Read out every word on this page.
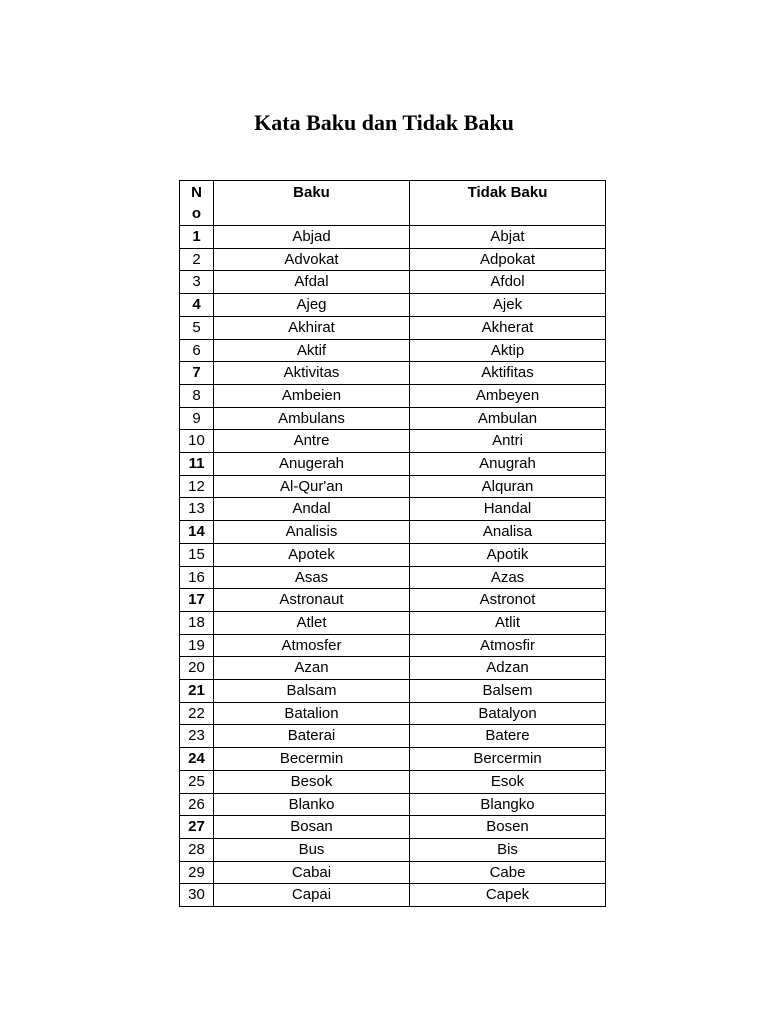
Kata Baku dan Tidak Baku
No	Baku	Tidak Baku
1	Abjad	Abjat
2	Advokat	Adpokat
3	Afdal	Afdol
4	Ajeg	Ajek
5	Akhirat	Akherat
6	Aktif	Aktip
7	Aktivitas	Aktifitas
8	Ambeien	Ambeyen
9	Ambulans	Ambulan
10	Antre	Antri
11	Anugerah	Anugrah
12	Al-Qur'an	Alquran
13	Andal	Handal
14	Analisis	Analisa
15	Apotek	Apotik
16	Asas	Azas
17	Astronaut	Astronot
18	Atlet	Atlit
19	Atmosfer	Atmosfir
20	Azan	Adzan
21	Balsam	Balsem
22	Batalion	Batalyon
23	Baterai	Batere
24	Becermin	Bercermin
25	Besok	Esok
26	Blanko	Blangko
27	Bosan	Bosen
28	Bus	Bis
29	Cabai	Cabe
30	Capai	Capek
